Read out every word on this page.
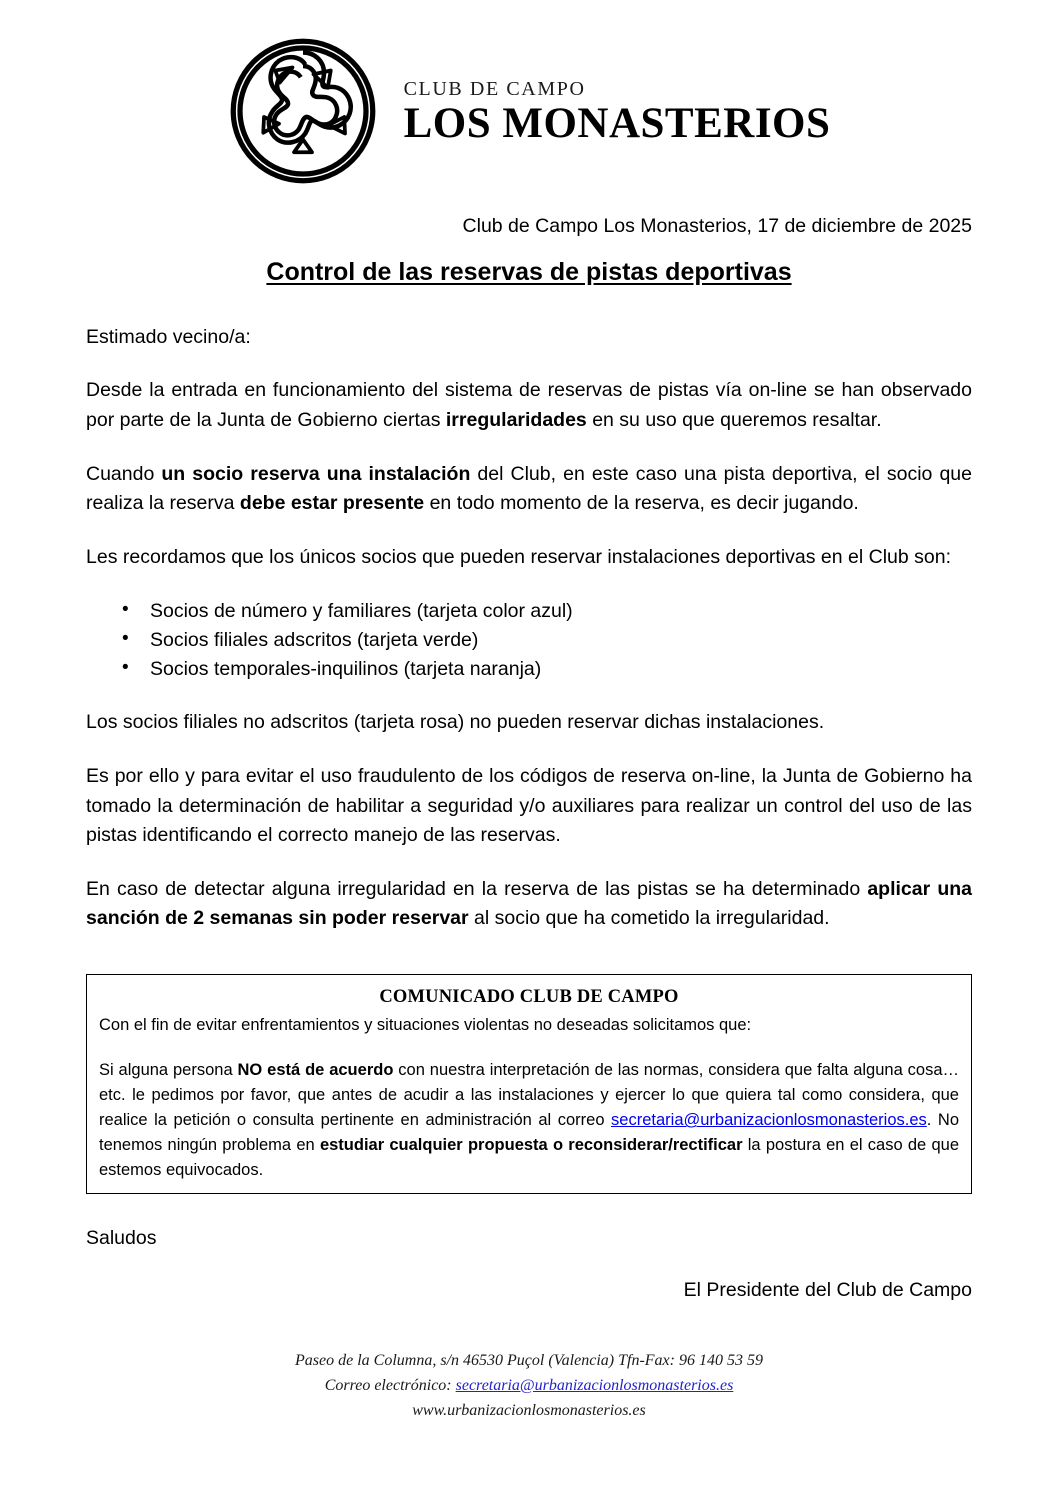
CLUB DE CAMPO
LOS MONASTERIOS
Club de Campo Los Monasterios, 17 de diciembre de 2025
Control de las reservas de pistas deportivas

Estimado vecino/a:

Desde la entrada en funcionamiento del sistema de reservas de pistas vía on-line se han observado por parte de la Junta de Gobierno ciertas irregularidades en su uso que queremos resaltar.

Cuando un socio reserva una instalación del Club, en este caso una pista deportiva, el socio que realiza la reserva debe estar presente en todo momento de la reserva, es decir jugando.

Les recordamos que los únicos socios que pueden reservar instalaciones deportivas en el Club son:

• Socios de número y familiares (tarjeta color azul)
• Socios filiales adscritos (tarjeta verde)
• Socios temporales-inquilinos (tarjeta naranja)

Los socios filiales no adscritos (tarjeta rosa) no pueden reservar dichas instalaciones.

Es por ello y para evitar el uso fraudulento de los códigos de reserva on-line, la Junta de Gobierno ha tomado la determinación de habilitar a seguridad y/o auxiliares para realizar un control del uso de las pistas identificando el correcto manejo de las reservas.

En caso de detectar alguna irregularidad en la reserva de las pistas se ha determinado aplicar una sanción de 2 semanas sin poder reservar al socio que ha cometido la irregularidad.

COMUNICADO CLUB DE CAMPO

Con el fin de evitar enfrentamientos y situaciones violentas no deseadas solicitamos que:

Si alguna persona NO está de acuerdo con nuestra interpretación de las normas, considera que falta alguna cosa…etc. le pedimos por favor, que antes de acudir a las instalaciones y ejercer lo que quiera tal como considera, que realice la petición o consulta pertinente en administración al correo secretaria@urbanizacionlosmonasterios.es. No tenemos ningún problema en estudiar cualquier propuesta o reconsiderar/rectificar la postura en el caso de que estemos equivocados.

Saludos

El Presidente del Club de Campo

Paseo de la Columna, s/n 46530 Puçol (Valencia) Tfn-Fax: 96 140 53 59
Correo electrónico: secretaria@urbanizacionlosmonasterios.es
www.urbanizacionlosmonasterios.es
